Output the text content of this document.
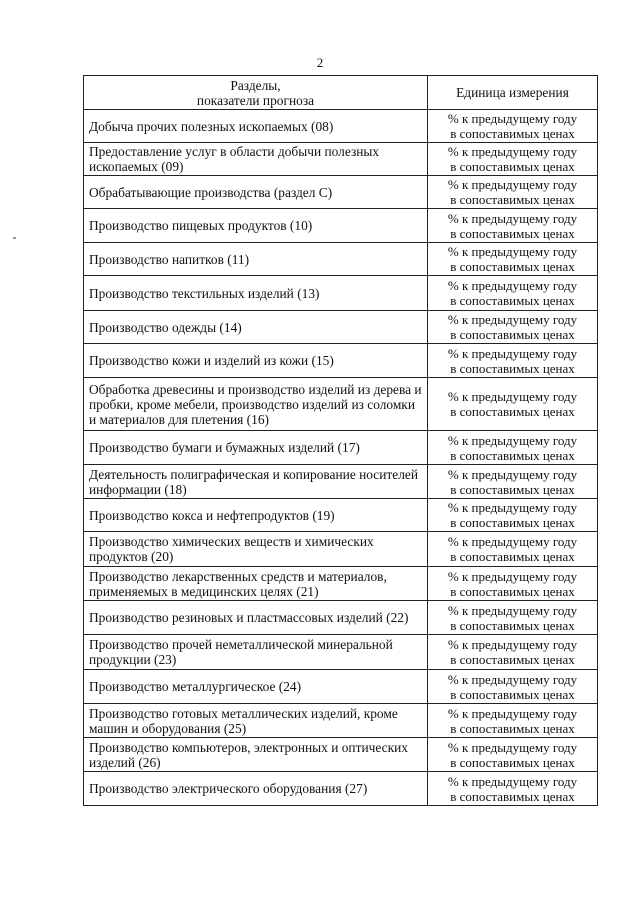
2
Разделы,
показатели прогноза	Единица измерения
Добыча прочих полезных ископаемых (08)	% к предыдущему году
в сопоставимых ценах
Предоставление услуг в области добычи полезных ископаемых (09)	% к предыдущему году
в сопоставимых ценах
Обрабатывающие производства (раздел С)	% к предыдущему году
в сопоставимых ценах
Производство пищевых продуктов (10)	% к предыдущему году
в сопоставимых ценах
Производство напитков (11)	% к предыдущему году
в сопоставимых ценах
Производство текстильных изделий (13)	% к предыдущему году
в сопоставимых ценах
Производство одежды (14)	% к предыдущему году
в сопоставимых ценах
Производство кожи и изделий из кожи (15)	% к предыдущему году
в сопоставимых ценах
Обработка древесины и производство изделий из дерева и пробки, кроме мебели, производство изделий из соломки и материалов для плетения (16)	% к предыдущему году
в сопоставимых ценах
Производство бумаги и бумажных изделий (17)	% к предыдущему году
в сопоставимых ценах
Деятельность полиграфическая и копирование носителей информации (18)	% к предыдущему году
в сопоставимых ценах
Производство кокса и нефтепродуктов (19)	% к предыдущему году
в сопоставимых ценах
Производство химических веществ и химических продуктов (20)	% к предыдущему году
в сопоставимых ценах
Производство лекарственных средств и материалов, применяемых в медицинских целях (21)	% к предыдущему году
в сопоставимых ценах
Производство резиновых и пластмассовых изделий (22)	% к предыдущему году
в сопоставимых ценах
Производство прочей неметаллической минеральной продукции (23)	% к предыдущему году
в сопоставимых ценах
Производство металлургическое (24)	% к предыдущему году
в сопоставимых ценах
Производство готовых металлических изделий, кроме машин и оборудования (25)	% к предыдущему году
в сопоставимых ценах
Производство компьютеров, электронных и оптических изделий (26)	% к предыдущему году
в сопоставимых ценах
Производство электрического оборудования (27)	% к предыдущему году
в сопоставимых ценах
